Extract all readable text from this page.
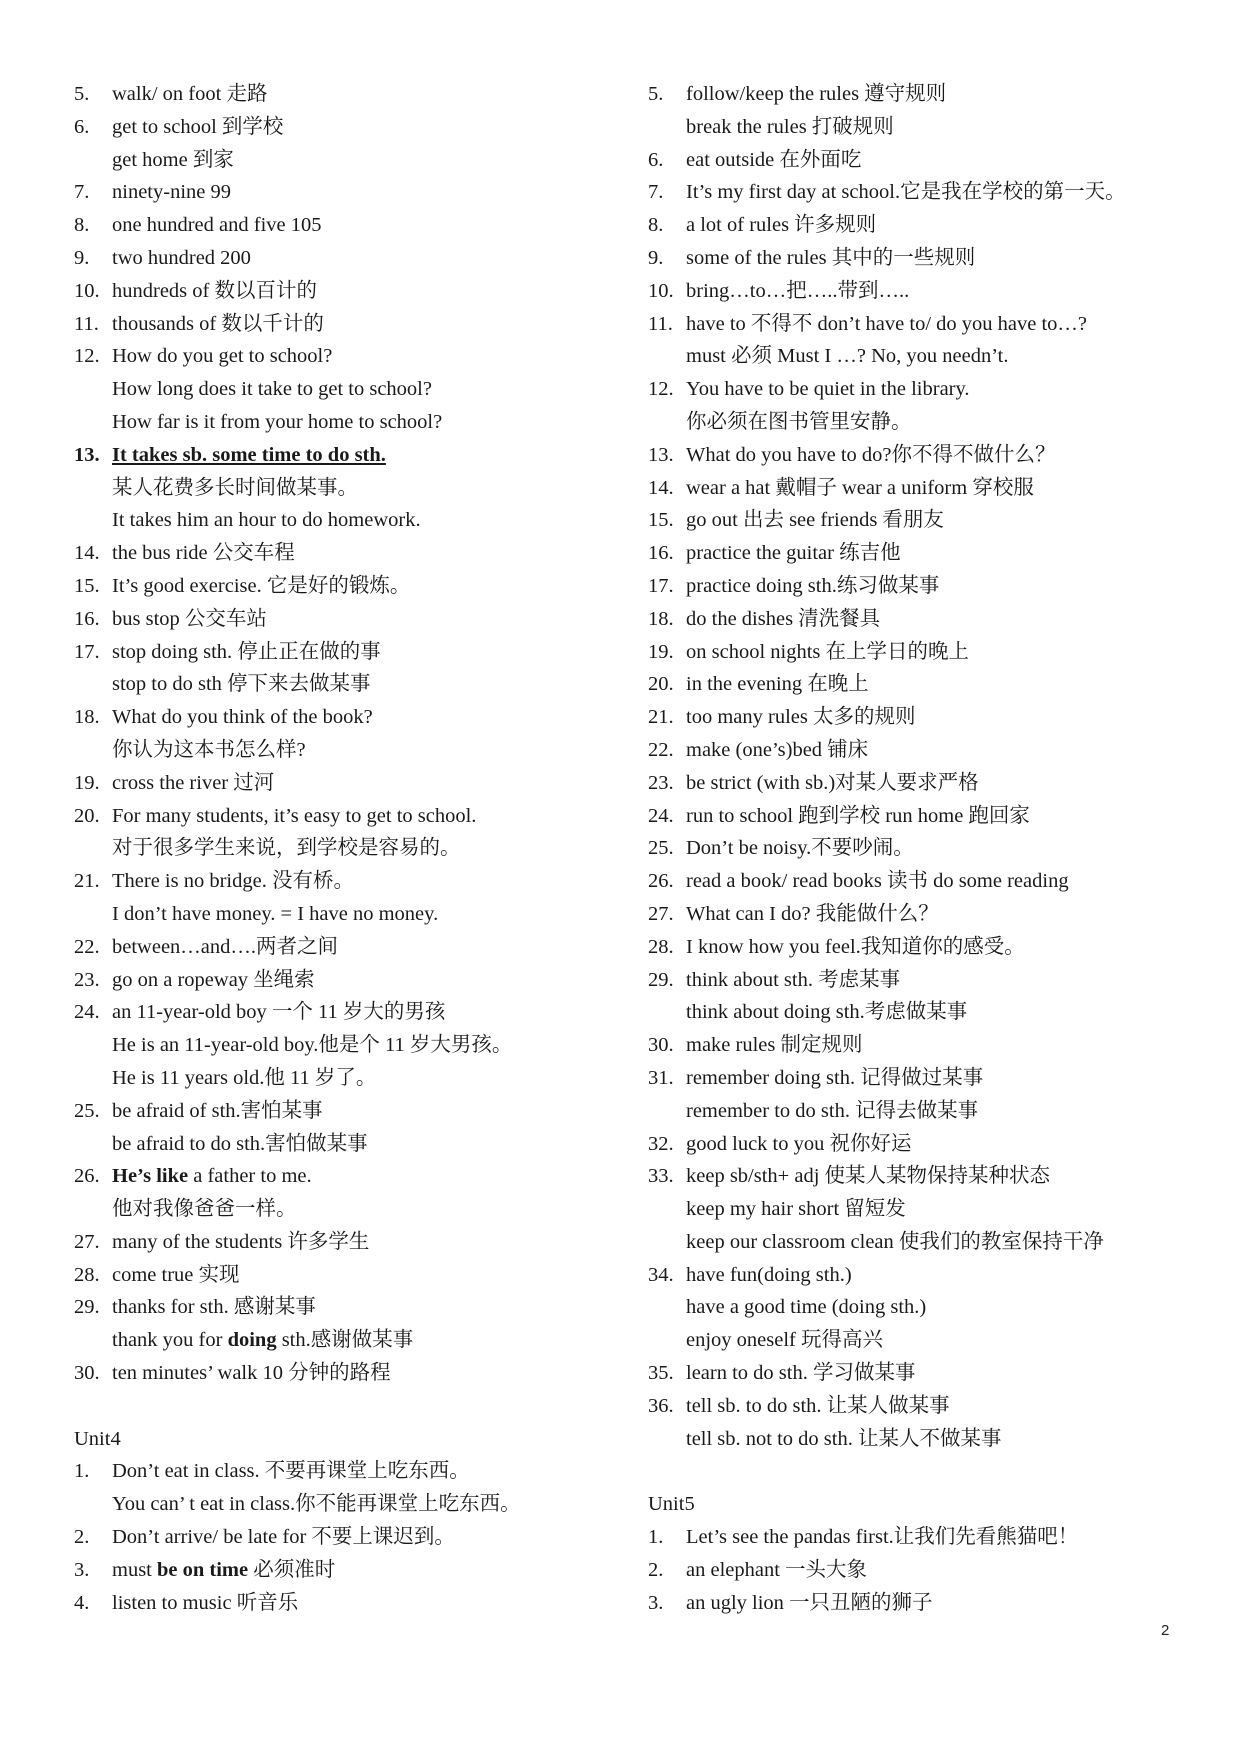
5. walk/ on foot 走路
6. get to school 到学校
get home 到家
7. ninety-nine 99
8. one hundred and five 105
9. two hundred 200
10. hundreds of 数以百计的
11. thousands of 数以千计的
12. How do you get to school?
How long does it take to get to school?
How far is it from your home to school?
13. It takes sb. some time to do sth.
某人花费多长时间做某事。
It takes him an hour to do homework.
14. the bus ride 公交车程
15. It’s good exercise. 它是好的锻炼。
16. bus stop 公交车站
17. stop doing sth. 停止正在做的事
stop to do sth 停下来去做某事
18. What do you think of the book?
你认为这本书怎么样?
19. cross the river 过河
20. For many students, it’s easy to get to school.
对于很多学生来说，到学校是容易的。
21. There is no bridge. 没有桥。
I don’t have money. = I have no money.
22. between…and….两者之间
23. go on a ropeway 坐绳索
24. an 11-year-old boy 一个 11 岁大的男孩
He is an 11-year-old boy.他是个 11 岁大男孩。
He is 11 years old.他 11 岁了。
25. be afraid of sth.害怕某事
be afraid to do sth.害怕做某事
26. He’s like a father to me.
他对我像爸爸一样。
27. many of the students 许多学生
28. come true 实现
29. thanks for sth. 感谢某事
thank you for doing sth.感谢做某事
30. ten minutes’ walk 10 分钟的路程
Unit4
1. Don’t eat in class. 不要再课堂上吃东西。
You can’ t eat in class.你不能再课堂上吃东西。
2. Don’t arrive/ be late for 不要上课迟到。
3. must be on time 必须准时
4. listen to music 听音乐
5. follow/keep the rules 遵守规则
break the rules 打破规则
6. eat outside 在外面吃
7. It’s my first day at school.它是我在学校的第一天。
8. a lot of rules 许多规则
9. some of the rules 其中的一些规则
10. bring…to…把…..带到…..
11. have to 不得不 don’t have to/ do you have to…?
must 必须 Must I …? No, you needn’t.
12. You have to be quiet in the library.
你必须在图书管里安静。
13. What do you have to do?你不得不做什么？
14. wear a hat 戴帽子 wear a uniform 穿校服
15. go out 出去 see friends 看朋友
16. practice the guitar 练吉他
17. practice doing sth.练习做某事
18. do the dishes 清洗餐具
19. on school nights 在上学日的晚上
20. in the evening 在晚上
21. too many rules 太多的规则
22. make (one’s)bed 铺床
23. be strict (with sb.)对某人要求严格
24. run to school 跑到学校 run home 跑回家
25. Don’t be noisy.不要吵闹。
26. read a book/ read books 读书 do some reading
27. What can I do? 我能做什么？
28. I know how you feel.我知道你的感受。
29. think about sth. 考虑某事
think about doing sth.考虑做某事
30. make rules 制定规则
31. remember doing sth. 记得做过某事
remember to do sth. 记得去做某事
32. good luck to you 祝你好运
33. keep sb/sth+ adj 使某人某物保持某种状态
keep my hair short 留短发
keep our classroom clean 使我们的教室保持干净
34. have fun(doing sth.)
have a good time (doing sth.)
enjoy oneself 玩得高兴
35. learn to do sth. 学习做某事
36. tell sb. to do sth. 让某人做某事
tell sb. not to do sth. 让某人不做某事
Unit5
1. Let’s see the pandas first.让我们先看熊猫吧！
2. an elephant 一头大象
3. an ugly lion 一只丑陋的狮子
2
